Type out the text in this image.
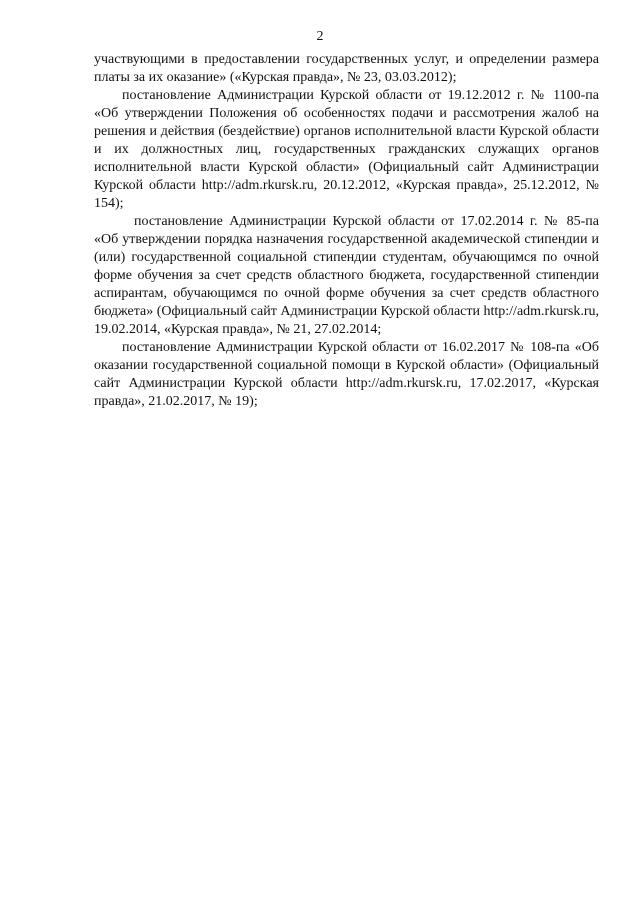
2

участвующими в предоставлении государственных услуг, и определении размера платы за их оказание» («Курская правда», № 23, 03.03.2012);

постановление Администрации Курской области от 19.12.2012 г. № 1100-па «Об утверждении Положения об особенностях подачи и рассмотрения жалоб на решения и действия (бездействие) органов исполнительной власти Курской области и их должностных лиц, государственных гражданских служащих органов исполнительной власти Курской области» (Официальный сайт Администрации Курской области http://adm.rkursk.ru, 20.12.2012, «Курская правда», 25.12.2012, № 154);

постановление Администрации Курской области от 17.02.2014 г. № 85-па «Об утверждении порядка назначения государственной академической стипендии и (или) государственной социальной стипендии студентам, обучающимся по очной форме обучения за счет средств областного бюджета, государственной стипендии аспирантам, обучающимся по очной форме обучения за счет средств областного бюджета» (Официальный сайт Администрации Курской области http://adm.rkursk.ru, 19.02.2014, «Курская правда», № 21, 27.02.2014;

постановление Администрации Курской области от 16.02.2017 № 108-па «Об оказании государственной социальной помощи в Курской области» (Официальный сайт Администрации Курской области http://adm.rkursk.ru, 17.02.2017, «Курская правда», 21.02.2017, № 19);
